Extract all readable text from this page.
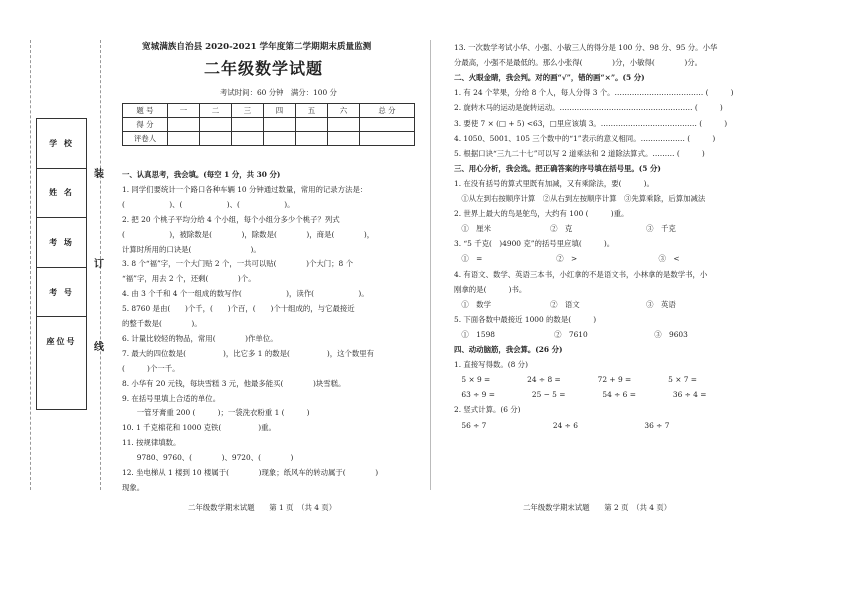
学 校
姓 名
考 场
考 号
座位号
装
订
线
宽城满族自治县 2020-2021 学年度第二学期期末质量监测
二年级数学试题
考试时间：60 分钟　满分：100 分
题 号	一	二	三	四	五	六	总 分
得 分							
评卷人							
一、认真思考，我会填。(每空 1 分，共 30 分)
1. 同学们要统计一个路口各种车辆 10 分钟通过数量，常用的记录方法是：
(　　　　　　)、(　　　　　　)、(　　　　　　)。
2. 把 20 个桃子平均分给 4 个小组，每个小组分多少个桃子？列式
(　　　　　　)，被除数是(　　　　)，除数是(　　　　)，商是(　　　　)，
计算时所用的口诀是(　　　　　　　　)。
3. 8 个“福”字，一个大门贴 2 个，一共可以贴(　　　　)个大门；8 个
“福”字，用去 2 个，还剩(　　　　)个。
4. 由 3 个千和 4 个一组成的数写作(　　　　　　)，读作(　　　　　　)。
5. 8760 是由(　　)个千，(　　)个百，(　　)个十组成的，与它最接近
的整千数是(　　　　)。
6. 计量比较轻的物品，常用(　　　　)作单位。
7. 最大的四位数是(　　　　　)，比它多 1 的数是(　　　　　)，这个数里有
(　　　)个一千。
8. 小华有 20 元钱，每块雪糕 3 元，他最多能买(　　　　)块雪糕。
9. 在括号里填上合适的单位。
　　一管牙膏重 200 (　　　)；一袋洗衣粉重 1 (　　　)
10. 1 千克棉花和 1000 克铁(　　　　　)重。
11. 按规律填数。
　　9780、9760、(　　　　)、9720、(　　　　)
12. 坐电梯从 1 楼到 10 楼属于(　　　　)现象；纸风车的转动属于(　　　　)
现象。
13. 一次数学考试小华、小强、小敏三人的得分是 100 分、98 分、95 分。小华
分最高，小强不是最低的。那么小张得(　　　　)分，小敏得(　　　　)分。
二、火眼金睛，我会判。对的画“√”，错的画“×”。(5 分)
1. 有 24 个苹果，分给 8 个人，每人分得 3 个。……………………………… (　　　)
2. 旋转木马的运动是旋转运动。……………………………………………… (　　　)
3. 要使 7 × (□ + 5) <63，□里应该填 3。………………………………… (　　　)
4. 1050、5001、105 三个数中的“1”表示的意义相同。……………… (　　　)
5. 根据口诀“三九二十七”可以写 2 道乘法和 2 道除法算式。……… (　　　)
三、用心分析，我会选。把正确答案的序号填在括号里。(5 分)
1. 在没有括号的算式里既有加减，又有乘除法，要(　　　)。
　①从左到右按顺序计算　②从右到左按顺序计算　③先算乘除，后算加减法
2. 世界上最大的鸟是鸵鸟，大约有 100 (　　　)重。
　①　厘米　　　　　　　　②　克　　　　　　　　　　③　千克
3. “5 千克(　)4900 克”的括号里应填(　　　)。
　①　=　　　　　　　　　　②　>　　　　　　　　　　　③　<
4. 有语文、数学、英语三本书，小红拿的不是语文书，小林拿的是数学书，小
刚拿的是(　　　)书。
　①　数学　　　　　　　　②　语文　　　　　　　　　③　英语
5. 下面各数中最接近 1000 的数是(　　　)
　①　1598　　　　　　　　②　7610　　　　　　　　　③　9603
四、动动脑筋，我会算。(26 分)
1. 直接写得数。(8 分)
　5 × 9 =　　　　　24 ÷ 8 =　　　　　72 + 9 =　　　　　5 × 7 =
　63 ÷ 9 =　　　　　25 − 5 =　　　　　54 ÷ 6 =　　　　　36 ÷ 4 =
2. 竖式计算。(6 分)
　56 ÷ 7　　　　　　　　　24 ÷ 6　　　　　　　　　36 ÷ 7
二年级数学期末试题　　第 1 页　（共 4 页）	二年级数学期末试题　　第 2 页　（共 4 页）
